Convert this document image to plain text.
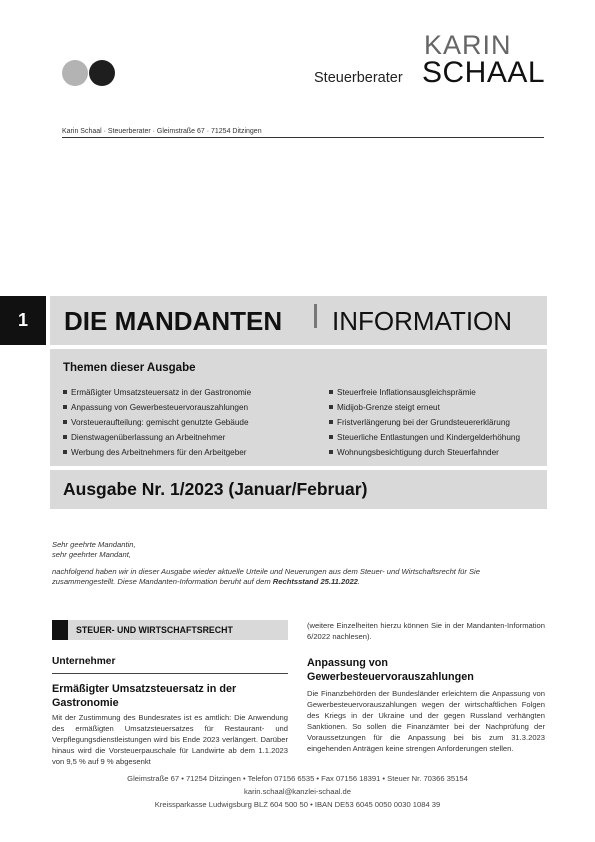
KARIN
Steuerberater SCHAAL
Karin Schaal · Steuerberater · Gleimstraße 67 · 71254 Ditzingen
1 DIE MANDANTEN INFORMATION
Themen dieser Ausgabe
Ermäßigter Umsatzsteuersatz in der Gastronomie
Anpassung von Gewerbesteuervorauszahlungen
Vorsteueraufteilung: gemischt genutzte Gebäude
Dienstwagenüberlassung an Arbeitnehmer
Werbung des Arbeitnehmers für den Arbeitgeber
Steuerfreie Inflationsausgleichsprämie
Midijob-Grenze steigt erneut
Fristverlängerung bei der Grundsteuererklärung
Steuerliche Entlastungen und Kindergelderhöhung
Wohnungsbesichtigung durch Steuerfahnder
Ausgabe Nr. 1/2023 (Januar/Februar)
Sehr geehrte Mandantin,
sehr geehrter Mandant,
nachfolgend haben wir in dieser Ausgabe wieder aktuelle Urteile und Neuerungen aus dem Steuer- und Wirtschaftsrecht für Sie
zusammengestellt. Diese Mandanten-Information beruht auf dem Rechtsstand 25.11.2022.
STEUER- UND WIRTSCHAFTSRECHT
Unternehmer
Ermäßigter Umsatzsteuersatz in der Gastronomie
Mit der Zustimmung des Bundesrates ist es amtlich: Die Anwendung des ermäßigten Umsatzsteuersatzes für Restaurant- und Verpflegungsdienstleistungen wird bis Ende 2023 verlängert. Darüber hinaus wird die Vorsteuerpauschale für Landwirte ab dem 1.1.2023 von 9,5 % auf 9 % abgesenkt
(weitere Einzelheiten hierzu können Sie in der Mandanten-Information 6/2022 nachlesen).
Anpassung von Gewerbesteuervorauszahlungen
Die Finanzbehörden der Bundesländer erleichtern die Anpassung von Gewerbesteuervorauszahlungen wegen der wirtschaftlichen Folgen des Kriegs in der Ukraine und der gegen Russland verhängten Sanktionen. So sollen die Finanzämter bei der Nachprüfung der Voraussetzungen für die Anpassung bei bis zum 31.3.2023 eingehenden Anträgen keine strengen Anforderungen stellen.
Gleimstraße 67 • 71254 Ditzingen • Telefon 07156 6535 • Fax 07156 18391 • Steuer Nr. 70366 35154
karin.schaal@kanzlei-schaal.de
Kreissparkasse Ludwigsburg BLZ 604 500 50 • IBAN DE53 6045 0050 0030 1084 39
